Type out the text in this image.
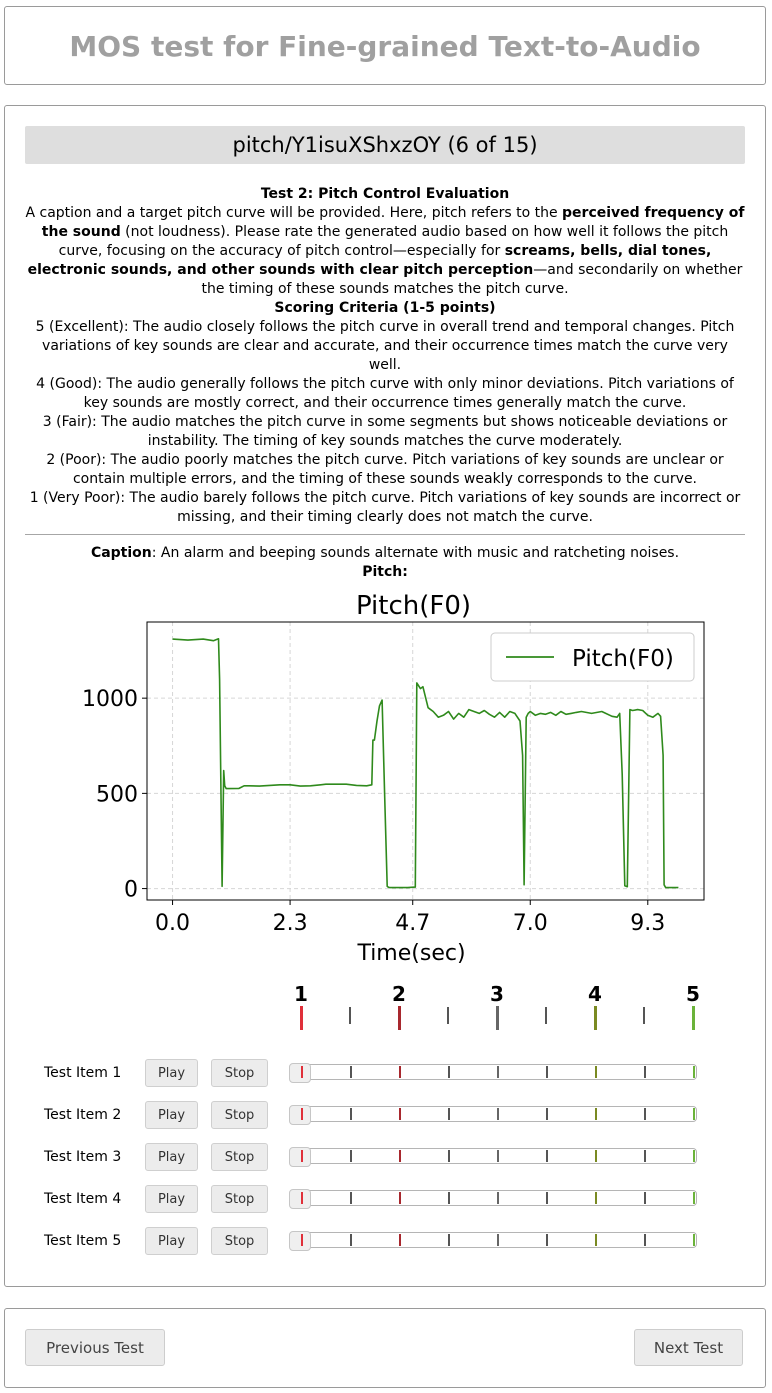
MOS test for Fine-grained Text-to-Audio
pitch/Y1isuXShxzOY (6 of 15)

Test 2: Pitch Control Evaluation

A caption and a target pitch curve will be provided. Here, pitch refers to the perceived frequency of the sound (not loudness). Please rate the generated audio based on how well it follows the pitch curve, focusing on the accuracy of pitch control—especially for screams, bells, dial tones, electronic sounds, and other sounds with clear pitch perception—and secondarily on whether the timing of these sounds matches the pitch curve.

Scoring Criteria (1-5 points)

5 (Excellent): The audio closely follows the pitch curve in overall trend and temporal changes. Pitch variations of key sounds are clear and accurate, and their occurrence times match the curve very well.

4 (Good): The audio generally follows the pitch curve with only minor deviations. Pitch variations of key sounds are mostly correct, and their occurrence times generally match the curve.

3 (Fair): The audio matches the pitch curve in some segments but shows noticeable deviations or instability. The timing of key sounds matches the curve moderately.

2 (Poor): The audio poorly matches the pitch curve. Pitch variations of key sounds are unclear or contain multiple errors, and the timing of these sounds weakly corresponds to the curve.

1 (Very Poor): The audio barely follows the pitch curve. Pitch variations of key sounds are incorrect or missing, and their timing clearly does not match the curve.

Caption: An alarm and beeping sounds alternate with music and ratcheting noises.
Pitch:
0.0	2.3	4.7	7.0	9.3
0
500
1000
Pitch(F0)
Time(sec)
Pitch(F0)
1	2	3	4	5
Test Item 1	Play	Stop
Test Item 2	Play	Stop
Test Item 3	Play	Stop
Test Item 4	Play	Stop
Test Item 5	Play	Stop
Previous Test	Next Test
